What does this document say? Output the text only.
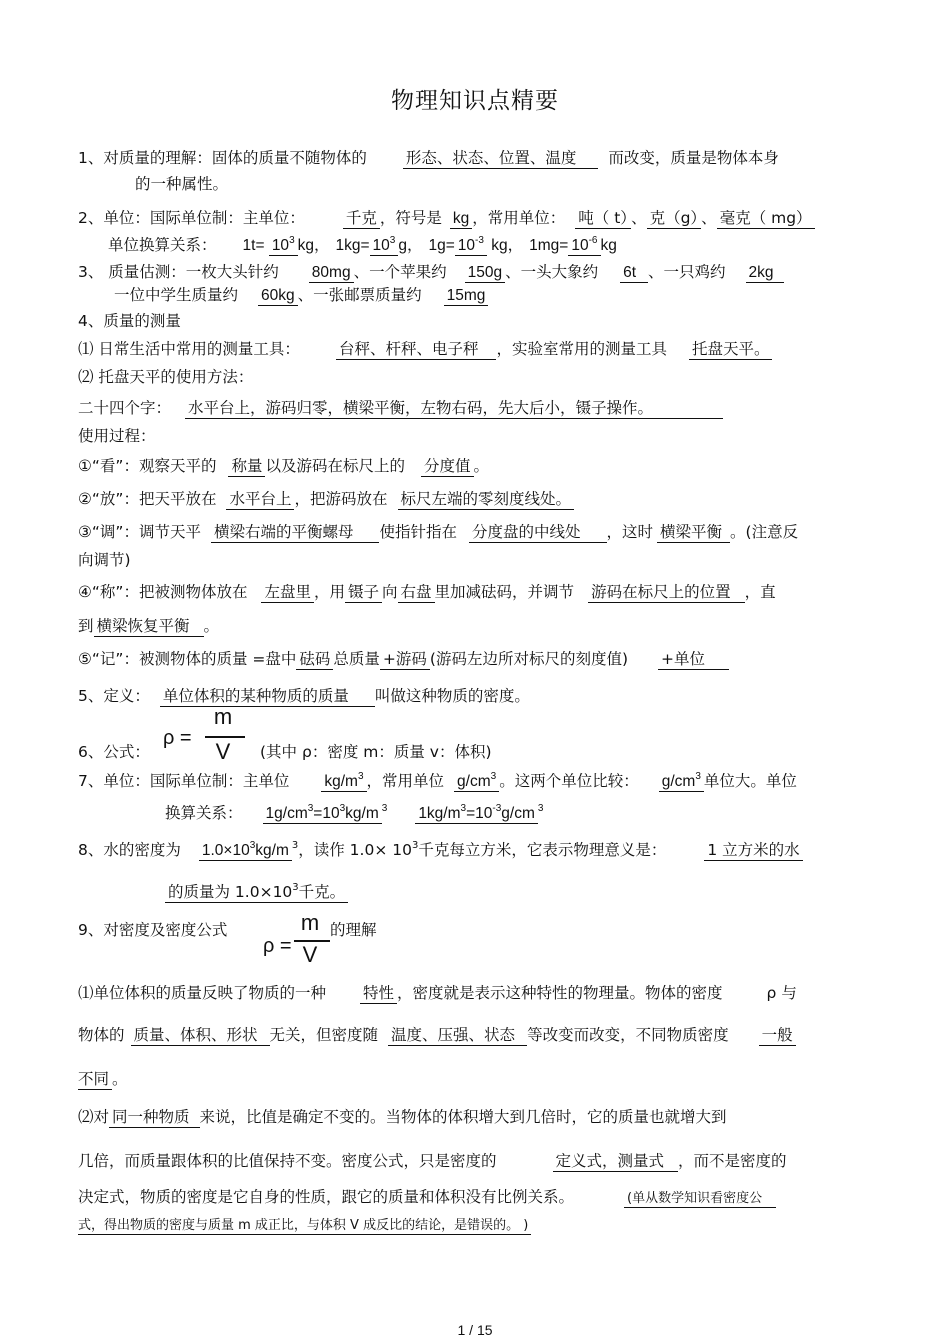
物理知识点精要
1、对质量的理解：固体的质量不随物体的	形态、状态、位置、温度 而改变，质量是物体本身
的一种属性。
2、单位：国际单位制：主单位：	千克 ，符号是 kg ，常用单位： 吨（ t） 、 克（g） 、 毫克（ mg）
单位换算关系： $1t= 10^3$ kg， $1kg= 10^3$ g， $1g= 10^{-3}$ kg， $1mg= 10^{-6}$ kg
3、 质量估测：一枚大头针约 80mg 、一个苹果约 150g 、一头大象约 6t 、一只鸡约 2kg
一位中学生质量约 60kg 、一张邮票质量约 15mg
4、质量的测量
⑴ 日常生活中常用的测量工具：	台秤、杆秤、电子秤 ，实验室常用的测量工具 托盘天平。
⑵ 托盘天平的使用方法：
二十四个字： 水平台上，游码归零，横梁平衡，左物右码，先大后小，镊子操作。
使用过程：
①“看”：观察天平的 称量 以及游码在标尺上的 分度值 。
②“放”：把天平放在 水平台上 ，把游码放在 标尺左端的零刻度线处。
③“调”：调节天平 横梁右端的平衡螺母 使指针指在 分度盘的中线处 ，这时 横梁平衡 。(注意反
向调节)
④“称”：把被测物体放在 左盘里 ，用 镊子 向 右盘 里加减砝码，并调节 游码在标尺上的位置 ，直
到 横梁恢复平衡 。
⑤“记”：被测物体的质量 =盘中 砝码 总质量 +游码 (游码左边所对标尺的刻度值) +单位
5、定义： 单位体积的某种物质的质量 叫做这种物质的密度。
6、公式：
ρ =
m
V	(其中 ρ：密度 m：质量 v：体积)
7、单位：国际单位制：主单位 $kg/m^3$ ，常用单位 $g/cm^3$ 。这两个单位比较： $g/cm^3$ 单位大。单位
换算关系： $1g/cm^3=10^3kg/m$ $^3$ $1kg/m^3=10^{-3}g/cm$ $^3$
8、水的密度为 $1.0\times 10^3kg/m$ $^3$，读作 $1.0\times 10^3$千克每立方米，它表示物理意义是：	1 立方米的水
的质量为 $1.0\times 10^3$千克。
9、对密度及密度公式
ρ =
m
V
的理解
⑴单位体积的质量反映了物质的一种 特性 ，密度就是表示这种特性的物理量。物体的密度	ρ 与
物体的 质量、体积、形状 无关，但密度随 温度、压强、状态 等改变而改变，不同物质密度 一般
不同 。
⑵对 同一种物质 来说，比值是确定不变的。当物体的体积增大到几倍时，它的质量也就增大到
几倍，而质量跟体积的比值保持不变。密度公式，只是密度的	定义式，测量式 ，而不是密度的
决定式，物质的密度是它自身的性质，跟它的质量和体积没有比例关系。	(单从数学知识看密度公
式，得出物质的密度与质量 m 成正比，与体积 V 成反比的结论，是错误的。 )
1 / 15
